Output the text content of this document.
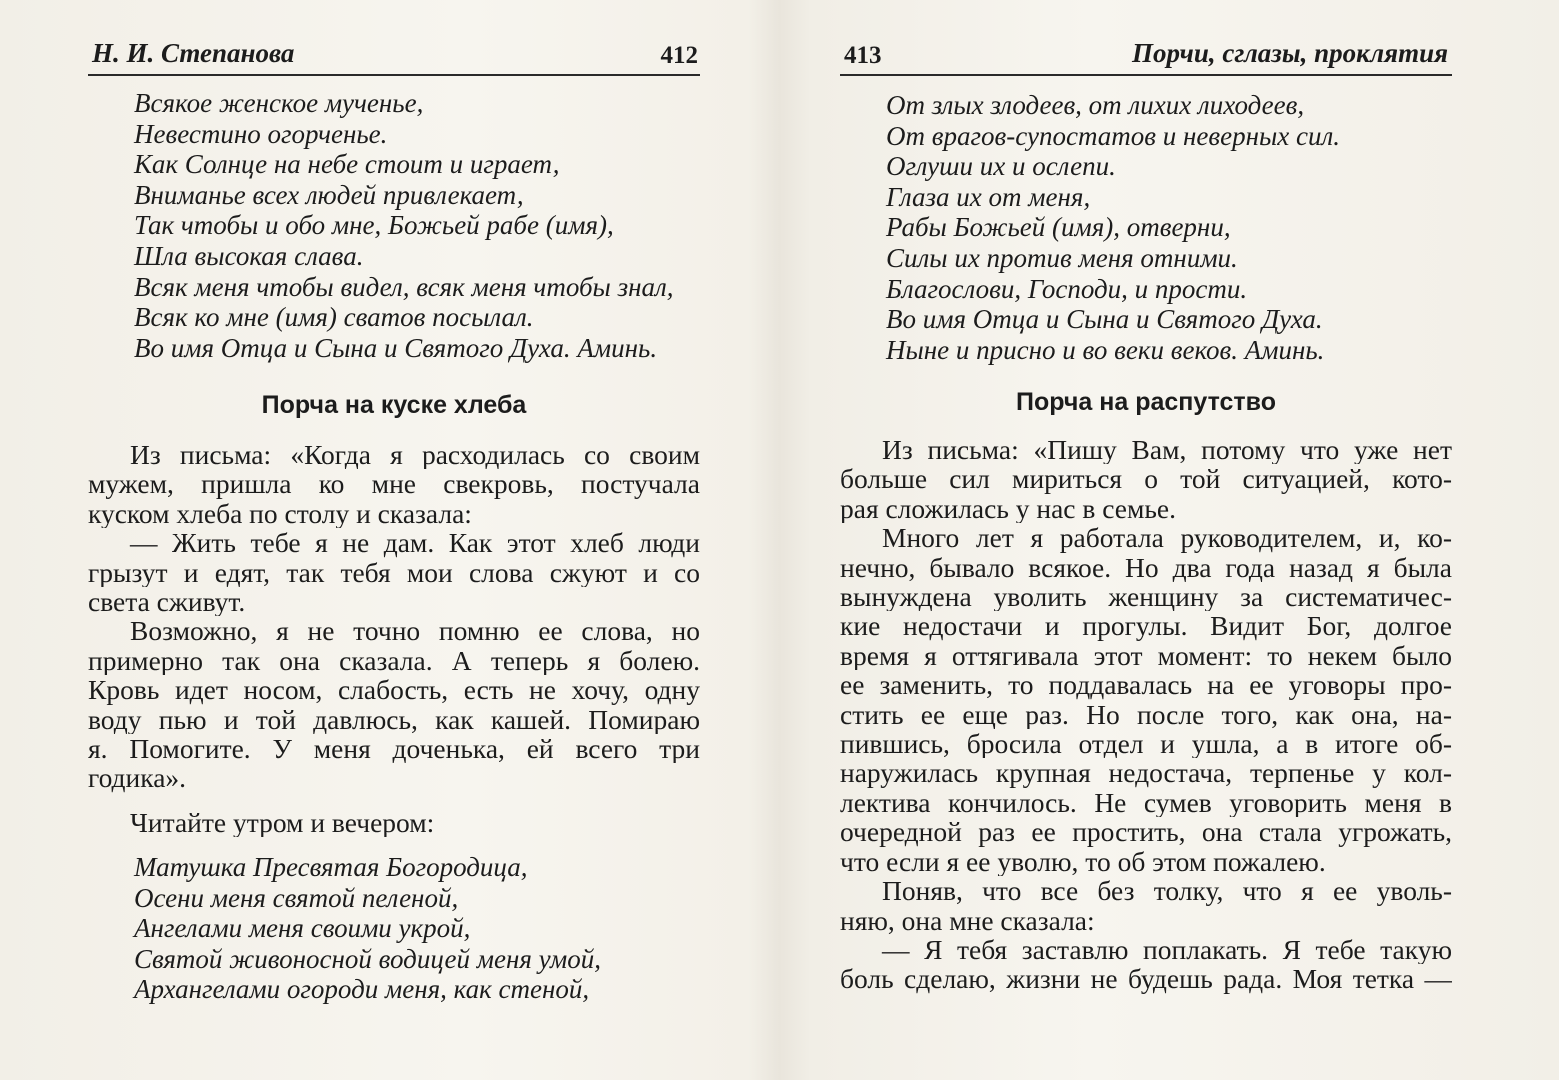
Н. И. Степанова	412
Всякое женское мученье,
Невестино огорченье.
Как Солнце на небе стоит и играет,
Вниманье всех людей привлекает,
Так чтобы и обо мне, Божьей рабе (имя),
Шла высокая слава.
Всяк меня чтобы видел, всяк меня чтобы знал,
Всяк ко мне (имя) сватов посылал.
Во имя Отца и Сына и Святого Духа. Аминь.
Порча на куске хлеба
Из письма: «Когда я расходилась со своим
мужем, пришла ко мне свекровь, постучала
куском хлеба по столу и сказала:
— Жить тебе я не дам. Как этот хлеб люди
грызут и едят, так тебя мои слова сжуют и со
света сживут.
Возможно, я не точно помню ее слова, но
примерно так она сказала. А теперь я болею.
Кровь идет носом, слабость, есть не хочу, одну
воду пью и той давлюсь, как кашей. Помираю
я. Помогите. У меня доченька, ей всего три
годика».
Читайте утром и вечером:
Матушка Пресвятая Богородица,
Осени меня святой пеленой,
Ангелами меня своими укрой,
Святой живоносной водицей меня умой,
Архангелами огороди меня, как стеной,
413	Порчи, сглазы, проклятия
От злых злодеев, от лихих лиходеев,
От врагов-супостатов и неверных сил.
Оглуши их и ослепи.
Глаза их от меня,
Рабы Божьей (имя), отверни,
Силы их против меня отними.
Благослови, Господи, и прости.
Во имя Отца и Сына и Святого Духа.
Ныне и присно и во веки веков. Аминь.
Порча на распутство
Из письма: «Пишу Вам, потому что уже нет
больше сил мириться о той ситуацией, кото-
рая сложилась у нас в семье.
Много лет я работала руководителем, и, ко-
нечно, бывало всякое. Но два года назад я была
вынуждена уволить женщину за систематичес-
кие недостачи и прогулы. Видит Бог, долгое
время я оттягивала этот момент: то некем было
ее заменить, то поддавалась на ее уговоры про-
стить ее еще раз. Но после того, как она, на-
пившись, бросила отдел и ушла, а в итоге об-
наружилась крупная недостача, терпенье у кол-
лектива кончилось. Не сумев уговорить меня в
очередной раз ее простить, она стала угрожать,
что если я ее уволю, то об этом пожалею.
Поняв, что все без толку, что я ее уволь-
няю, она мне сказала:
— Я тебя заставлю поплакать. Я тебе такую
боль сделаю, жизни не будешь рада. Моя тетка —
